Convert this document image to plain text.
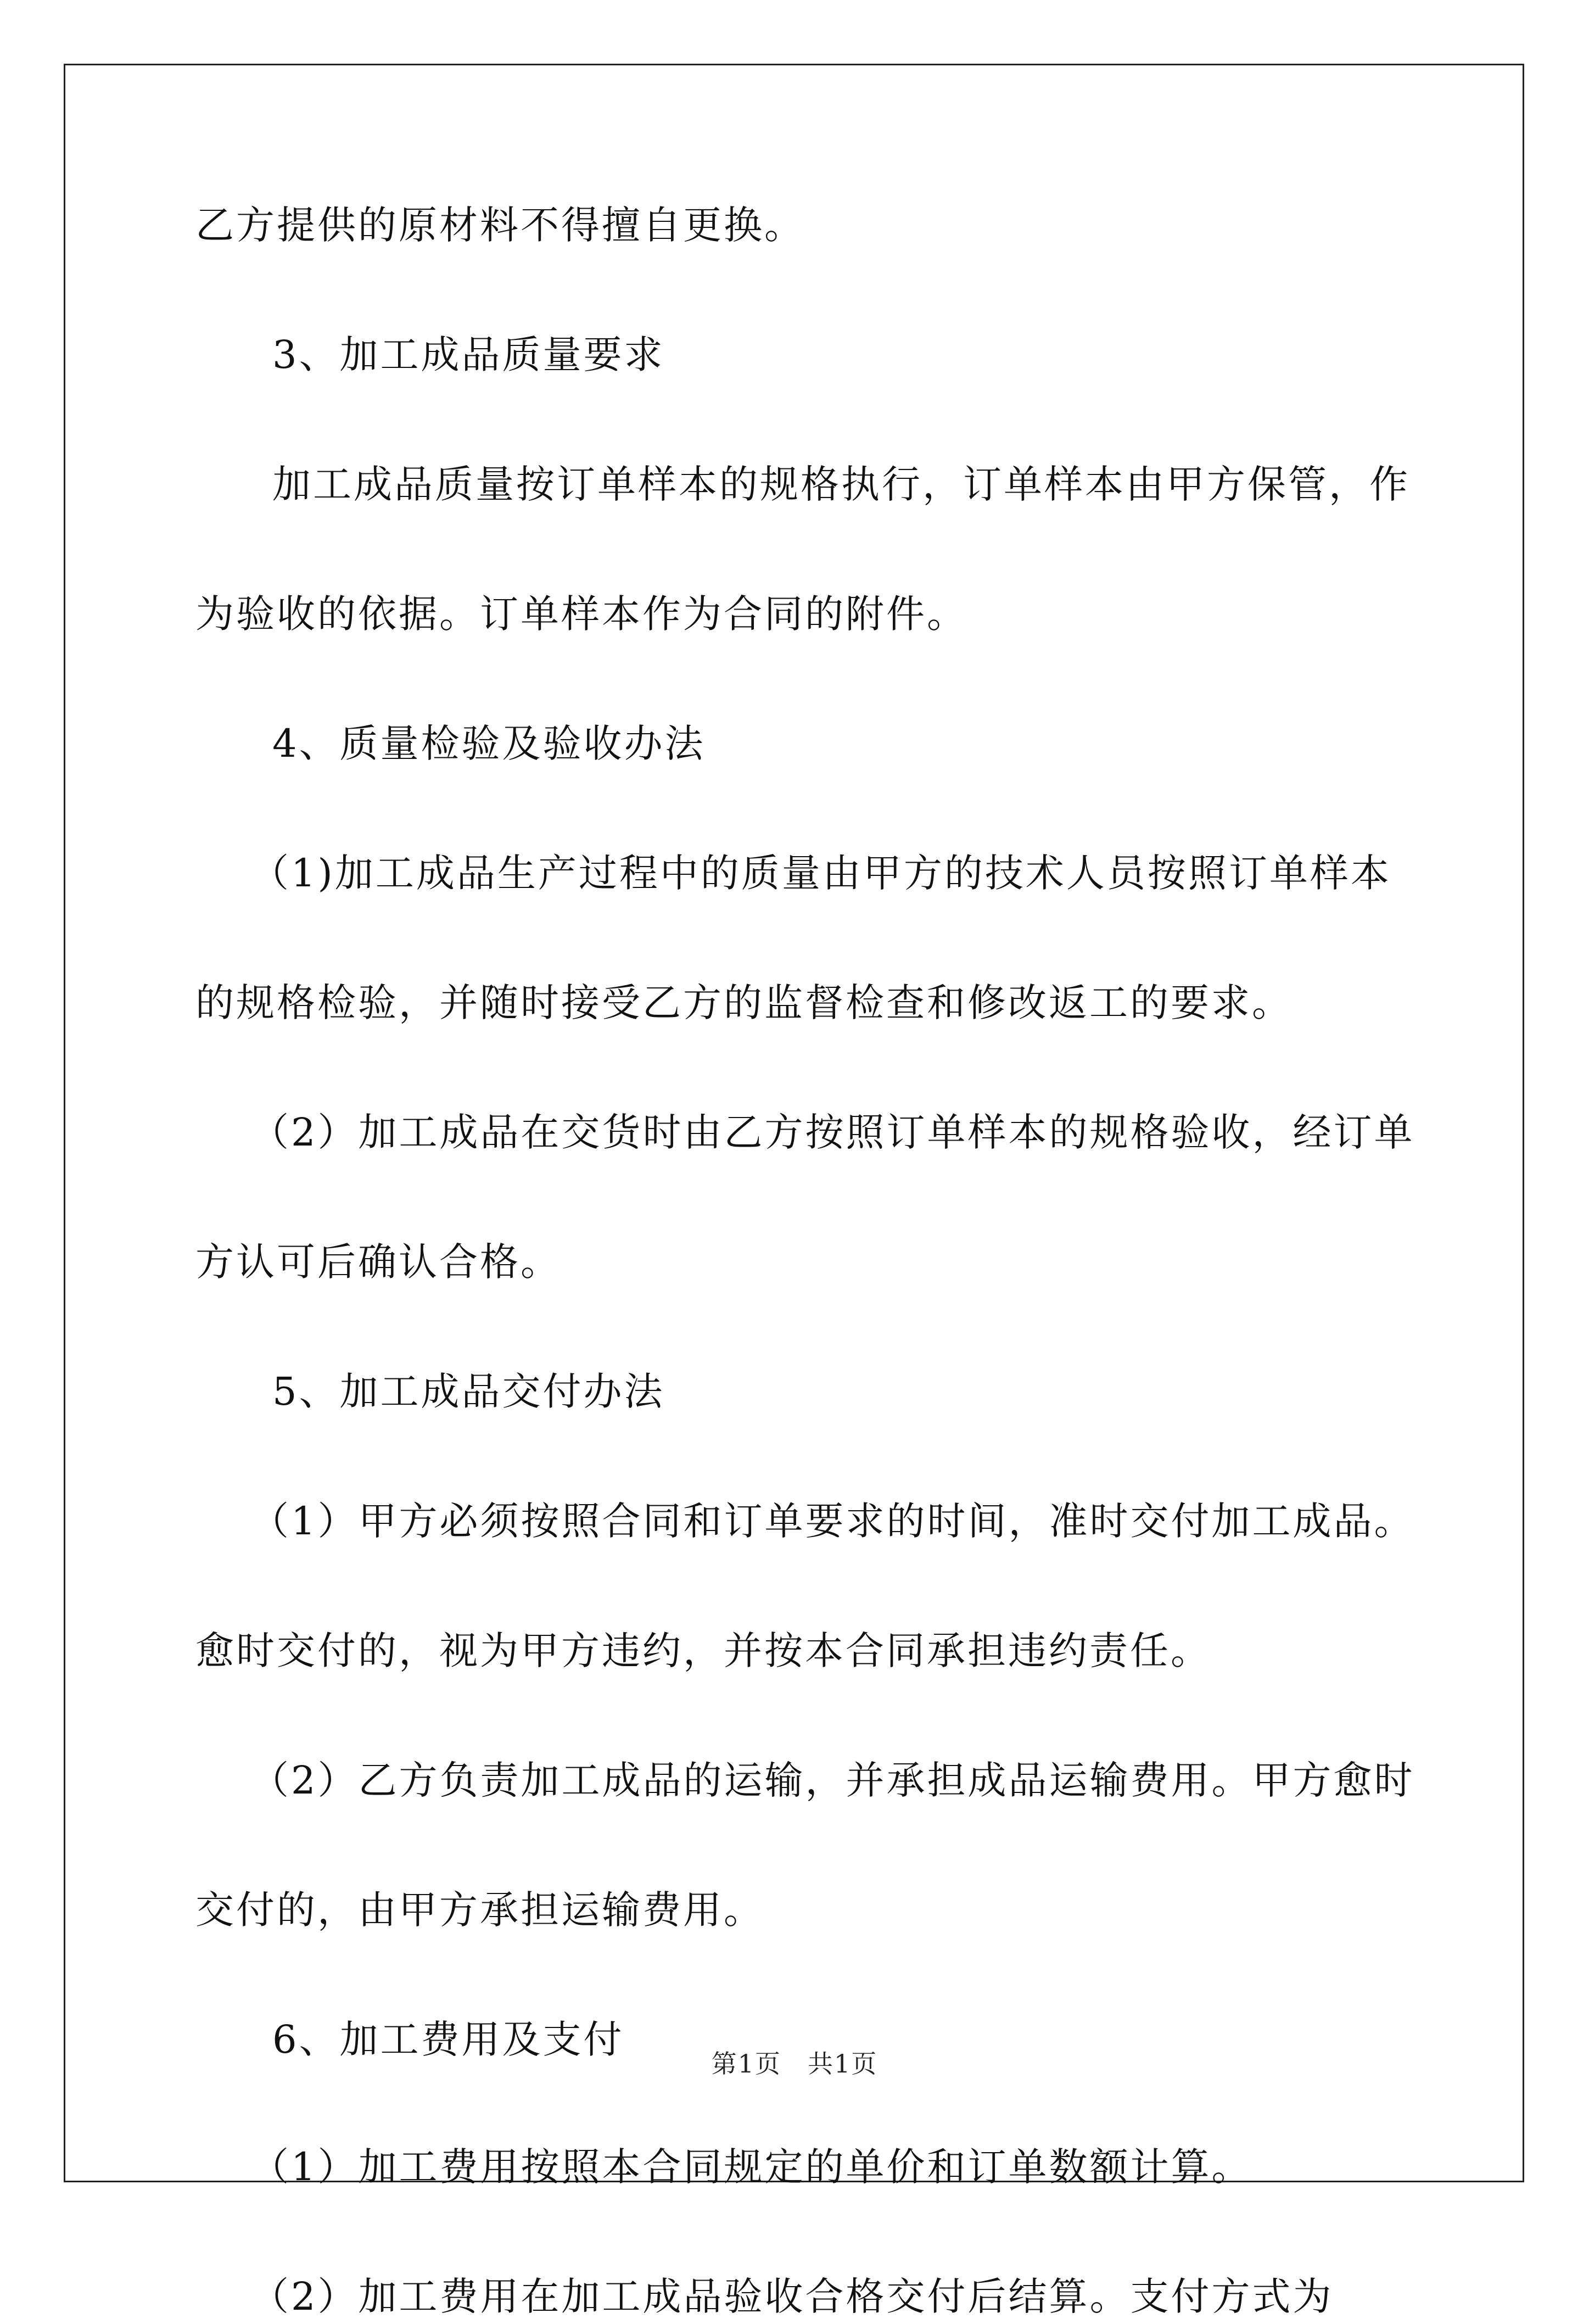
乙方提供的原材料不得擅自更换。
3、加工成品质量要求
加工成品质量按订单样本的规格执行，订单样本由甲方保管，作
为验收的依据。订单样本作为合同的附件。
4、质量检验及验收办法
（1)加工成品生产过程中的质量由甲方的技术人员按照订单样本
的规格检验，并随时接受乙方的监督检查和修改返工的要求。
（2）加工成品在交货时由乙方按照订单样本的规格验收，经订单
方认可后确认合格。
5、加工成品交付办法
（1）甲方必须按照合同和订单要求的时间，准时交付加工成品。
愈时交付的，视为甲方违约，并按本合同承担违约责任。
（2）乙方负责加工成品的运输，并承担成品运输费用。甲方愈时
交付的，由甲方承担运输费用。
6、加工费用及支付
（1）加工费用按照本合同规定的单价和订单数额计算。
（2）加工费用在加工成品验收合格交付后结算。支付方式为
第1页　共1页
